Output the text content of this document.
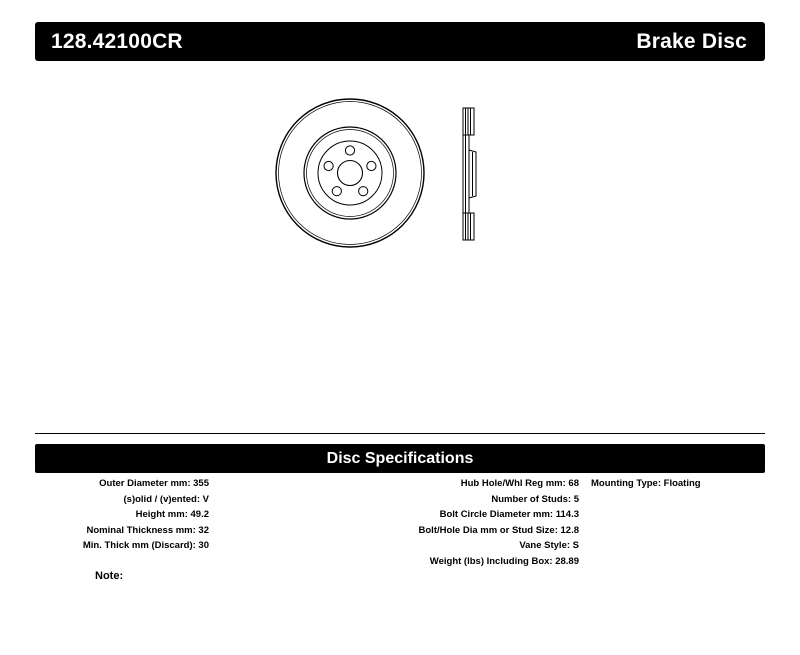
128.42100CR	Brake Disc
Disc Specifications
Outer Diameter mm: 355
(s)olid / (v)ented: V
Height mm: 49.2
Nominal Thickness mm: 32
Min. Thick mm (Discard): 30
Hub Hole/Whl Reg mm: 68
Number of Studs: 5
Bolt Circle Diameter mm: 114.3
Bolt/Hole Dia mm or Stud Size: 12.8
Vane Style: S
Weight (lbs) Including Box: 28.89
Mounting Type: Floating
Note:
